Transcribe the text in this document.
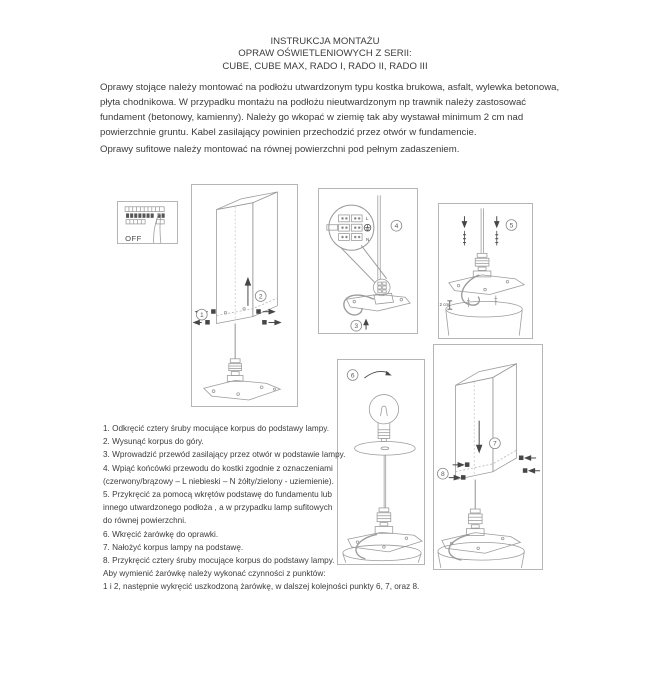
INSTRUKCJA MONTAŻU
OPRAW OŚWIETLENIOWYCH Z SERII:
CUBE, CUBE MAX, RADO I, RADO II, RADO III
Oprawy stojące należy montować na podłożu utwardzonym typu kostka brukowa, asfalt, wylewka betonowa,
płyta chodnikowa. W przypadku montażu na podłożu nieutwardzonym np trawnik należy zastosować
fundament (betonowy, kamienny). Należy go wkopać w ziemię tak aby wystawał minimum 2 cm nad
powierzchnie gruntu. Kabel zasilający powinien przechodzić przez otwór w fundamencie.
Oprawy sufitowe należy montować na równej powierzchni pod pełnym zadaszeniem.
OFF
1
2
L
N
4
3
5
2 cm
6
7
8
1. Odkręcić cztery śruby mocujące korpus do podstawy lampy.
2. Wysunąć korpus do góry.
3. Wprowadzić przewód zasilający przez otwór w podstawie lampy.
4. Wpiąć końcówki przewodu do kostki zgodnie z oznaczeniami
(czerwony/brązowy – L niebieski – N żółty/zielony - uziemienie).
5. Przykręcić za pomocą wkrętów podstawę do fundamentu lub
innego utwardzonego podłoża , a w przypadku lamp sufitowych
do równej powierzchni.
6. Wkręcić żarówkę do oprawki.
7. Nałożyć korpus lampy na podstawę.
8. Przykręcić cztery śruby mocujące korpus do podstawy lampy.
Aby wymienić żarówkę należy wykonać czynności z punktów:
1 i 2, następnie wykręcić uszkodzoną żarówkę, w dalszej kolejności punkty 6, 7, oraz 8.
